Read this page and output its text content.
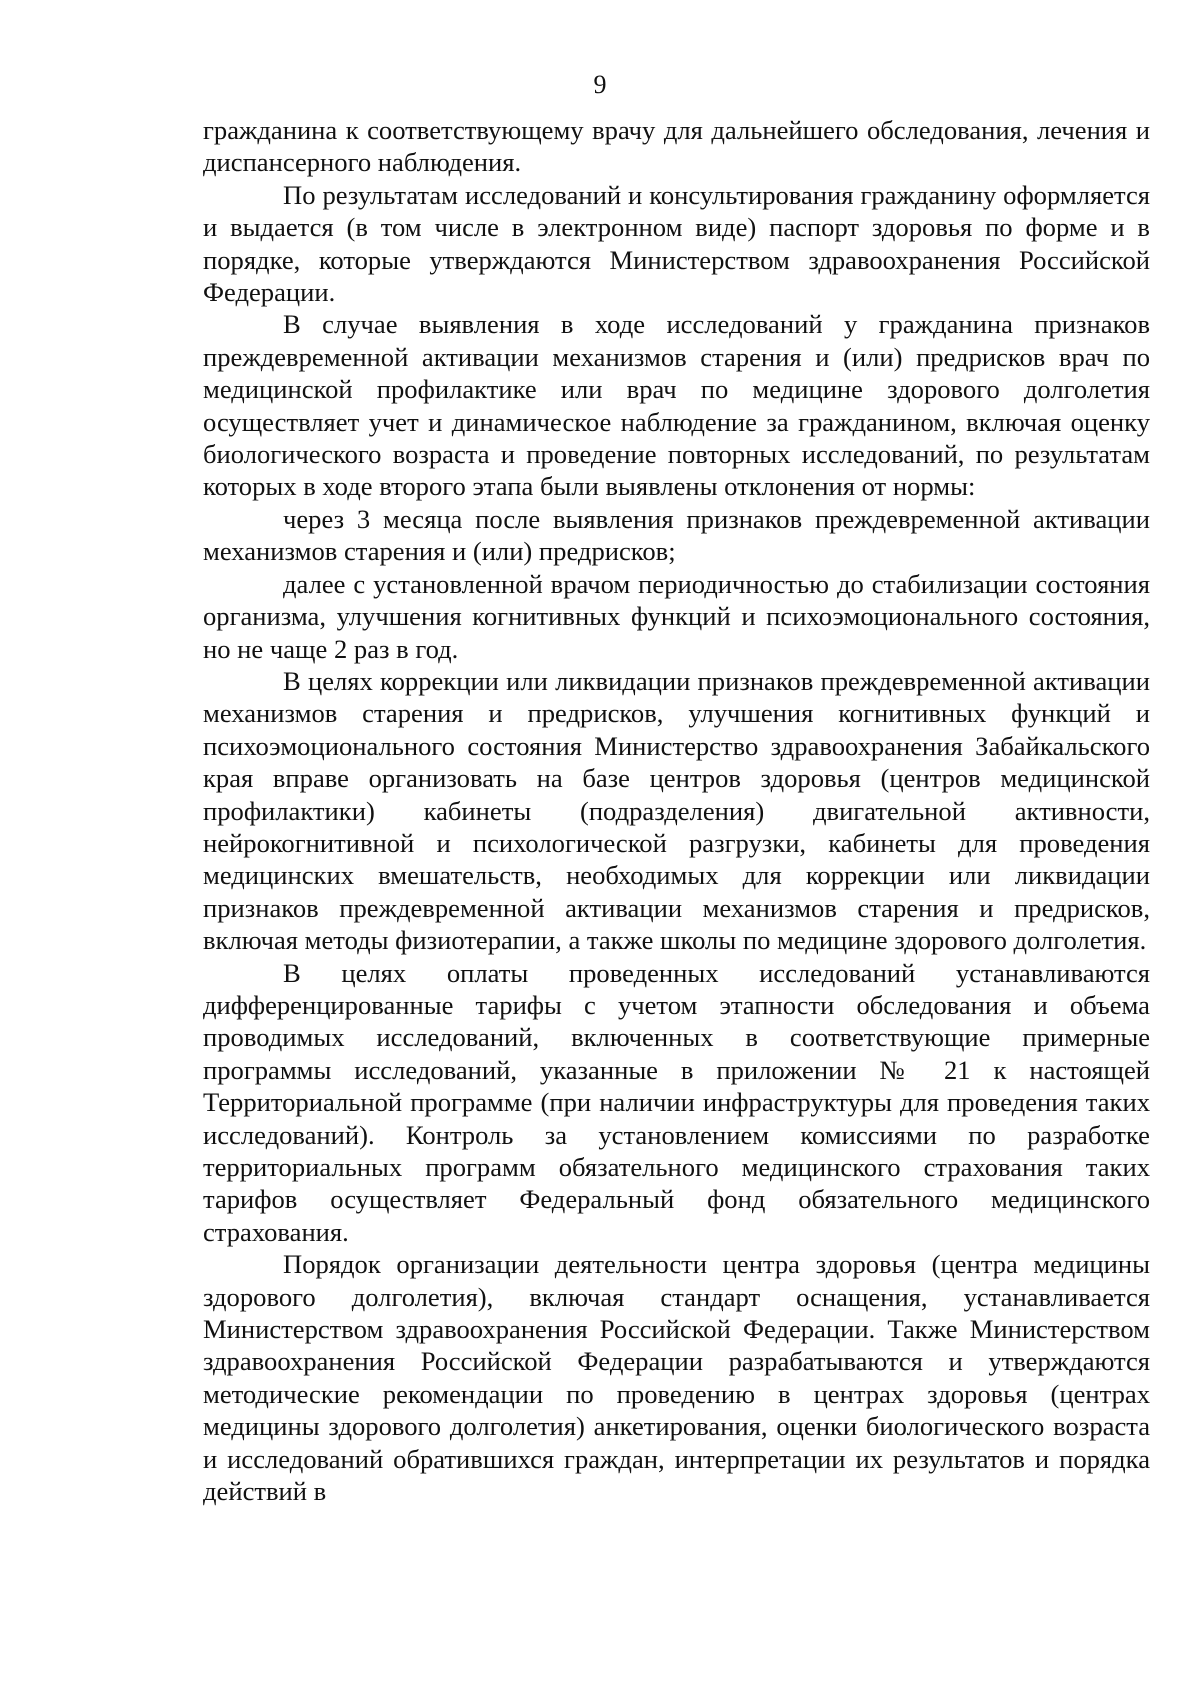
9

гражданина к соответствующему врачу для дальнейшего обследования, лечения и диспансерного наблюдения.

По результатам исследований и консультирования гражданину оформляется и выдается (в том числе в электронном виде) паспорт здоровья по форме и в порядке, которые утверждаются Министерством здравоохранения Российской Федерации.

В случае выявления в ходе исследований у гражданина признаков преждевременной активации механизмов старения и (или) предрисков врач по медицинской профилактике или врач по медицине здорового долголетия осуществляет учет и динамическое наблюдение за гражданином, включая оценку биологического возраста и проведение повторных исследований, по результатам которых в ходе второго этапа были выявлены отклонения от нормы:

через 3 месяца после выявления признаков преждевременной активации механизмов старения и (или) предрисков;

далее с установленной врачом периодичностью до стабилизации состояния организма, улучшения когнитивных функций и психоэмоционального состояния, но не чаще 2 раз в год.

В целях коррекции или ликвидации признаков преждевременной активации механизмов старения и предрисков, улучшения когнитивных функций и психоэмоционального состояния Министерство здравоохранения Забайкальского края вправе организовать на базе центров здоровья (центров медицинской профилактики) кабинеты (подразделения) двигательной активности, нейрокогнитивной и психологической разгрузки, кабинеты для проведения медицинских вмешательств, необходимых для коррекции или ликвидации признаков преждевременной активации механизмов старения и предрисков, включая методы физиотерапии, а также школы по медицине здорового долголетия.

В целях оплаты проведенных исследований устанавливаются дифференцированные тарифы с учетом этапности обследования и объема проводимых исследований, включенных в соответствующие примерные программы исследований, указанные в приложении № 21 к настоящей Территориальной программе (при наличии инфраструктуры для проведения таких исследований). Контроль за установлением комиссиями по разработке территориальных программ обязательного медицинского страхования таких тарифов осуществляет Федеральный фонд обязательного медицинского страхования.

Порядок организации деятельности центра здоровья (центра медицины здорового долголетия), включая стандарт оснащения, устанавливается Министерством здравоохранения Российской Федерации. Также Министерством здравоохранения Российской Федерации разрабатываются и утверждаются методические рекомендации по проведению в центрах здоровья (центрах медицины здорового долголетия) анкетирования, оценки биологического возраста и исследований обратившихся граждан, интерпретации их результатов и порядка действий в
